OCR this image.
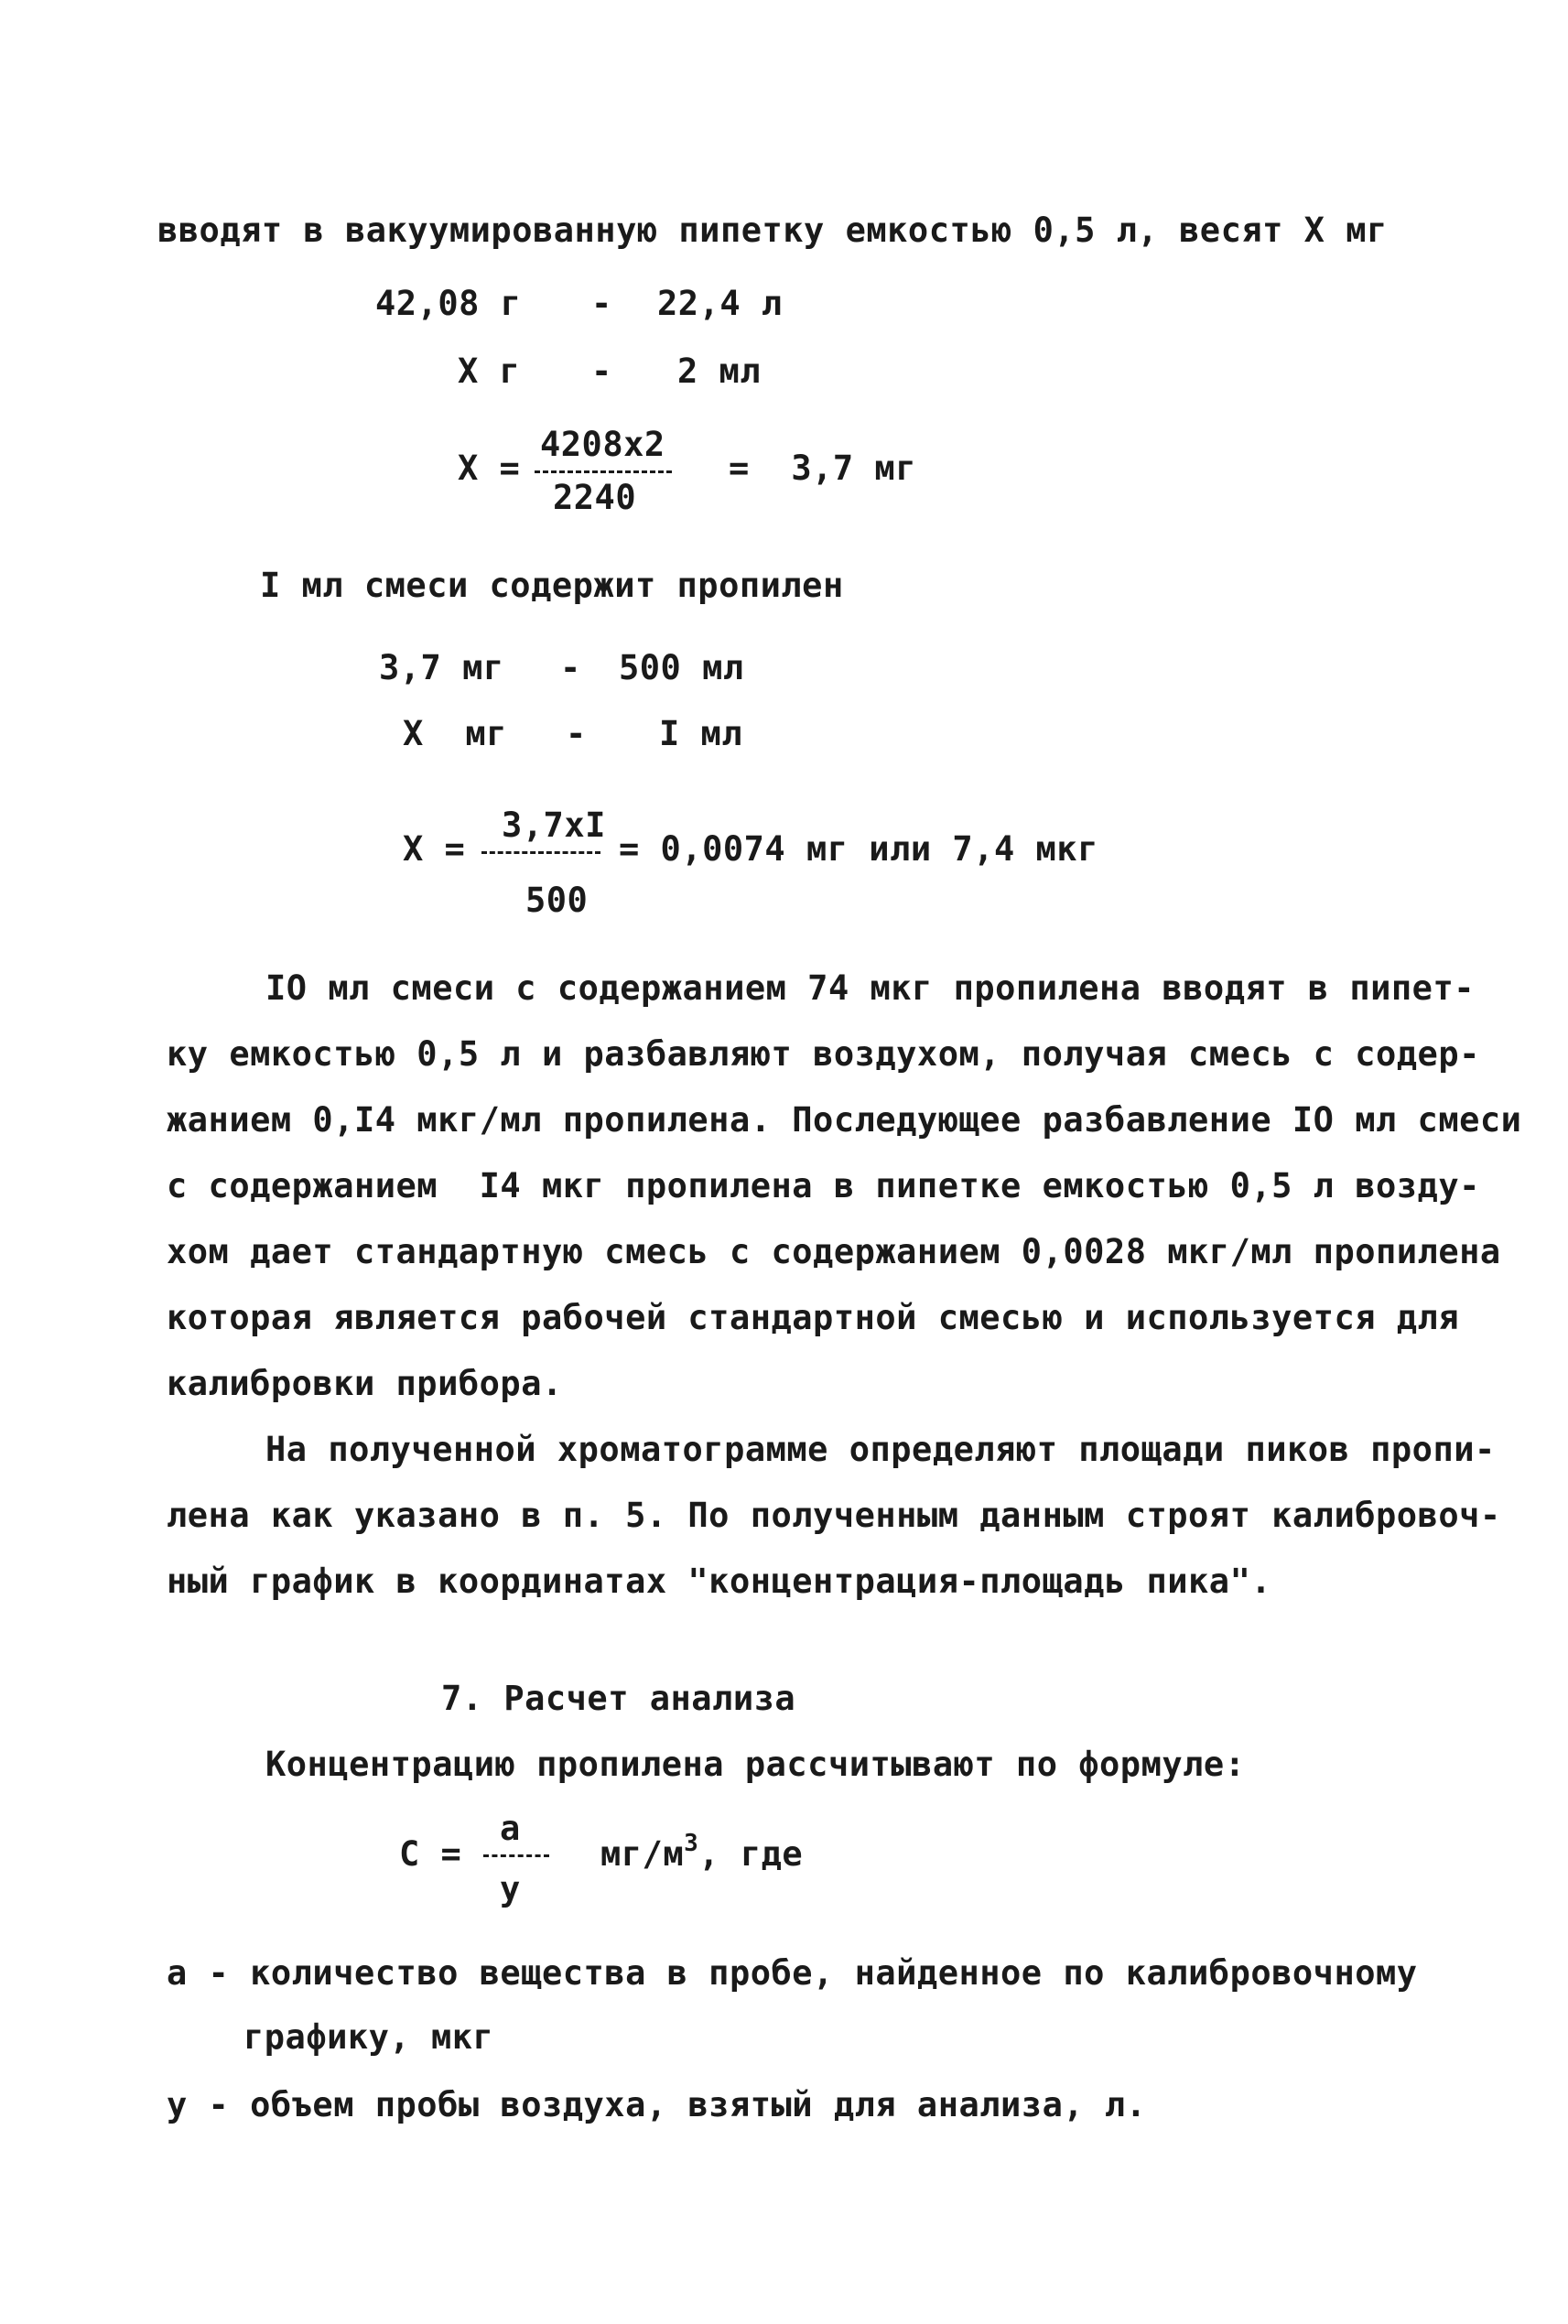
вводят в вакуумированную пипетку емкостью 0,5 л, весят X мг
42,08 г - 22,4 л
X г - 2 мл
X =
4208x2
2240
=  3,7 мг
I мл смеси содержит пропилен
3,7 мг - 500 мл
X  мг - I мл
X =
3,7xI
500
= 0,0074 мг или 7,4 мкг
IO мл смеси с содержанием 74 мкг пропилена вводят в пипет-
ку емкостью 0,5 л и разбавляют воздухом, получая смесь с содер-
жанием 0,I4 мкг/мл пропилена. Последующее разбавление IO мл смеси
с содержанием  I4 мкг пропилена в пипетке емкостью 0,5 л возду-
хом дает стандартную смесь с содержанием 0,0028 мкг/мл пропилена
которая является рабочей стандартной смесью и используется для
калибровки прибора.
На полученной хроматограмме определяют площади пиков пропи-
лена как указано в п. 5. По полученным данным строят калибровоч-
ный график в координатах "концентрация-площадь пика".
7. Расчет анализа
Концентрацию пропилена рассчитывают по формуле:
C =
a
у
$мг/м^3$, где
a - количество вещества в пробе, найденное по калибровочному
графику, мкг
у - объем пробы воздуха, взятый для анализа, л.
